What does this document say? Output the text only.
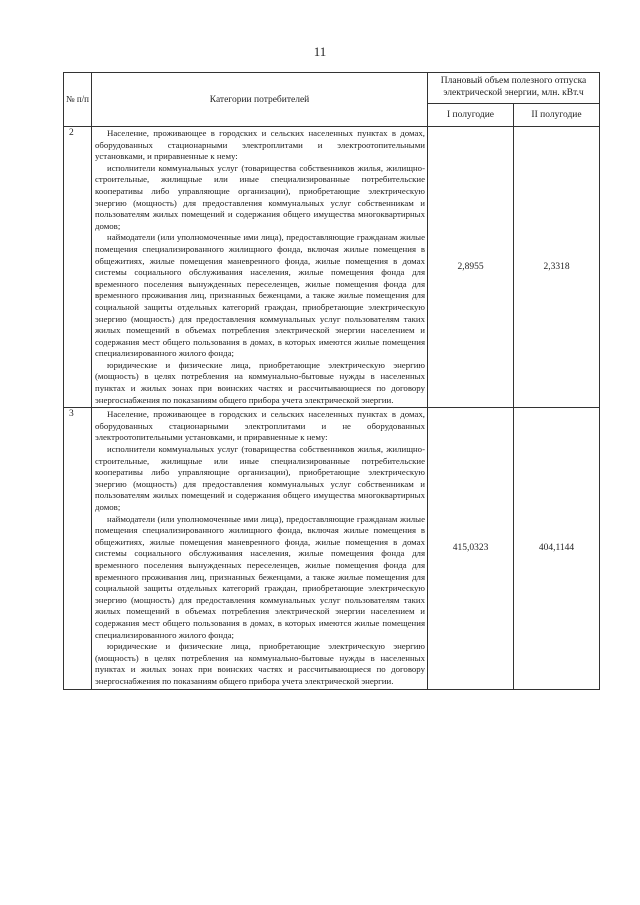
11
№ п/п	Категории потребителей	Плановый объем полезного отпуска электрической энергии, млн. кВт.ч	
		I полугодие	II полугодие
2	Население, проживающее в городских и сельских населенных пунктах в домах, оборудованных стационарными электроплитами и электроотопительными установками, и приравненные к нему:

исполнители коммунальных услуг (товарищества собственников жилья, жилищно-строительные, жилищные или иные специализированные потребительские кооперативы либо управляющие организации), приобретающие электрическую энергию (мощность) для предоставления коммунальных услуг собственникам и пользователям жилых помещений и содержания общего имущества многоквартирных домов;

наймодатели (или уполномоченные ими лица), предоставляющие гражданам жилые помещения специализированного жилищного фонда, включая жилые помещения в общежитиях, жилые помещения маневренного фонда, жилые помещения в домах системы социального обслуживания населения, жилые помещения фонда для временного поселения вынужденных переселенцев, жилые помещения фонда для временного проживания лиц, признанных беженцами, а также жилые помещения для социальной защиты отдельных категорий граждан, приобретающие электрическую энергию (мощность) для предоставления коммунальных услуг пользователям таких жилых помещений в объемах потребления электрической энергии населением и содержания мест общего пользования в домах, в которых имеются жилые помещения специализированного жилого фонда;

юридические и физические лица, приобретающие электрическую энергию (мощность) в целях потребления на коммунально-бытовые нужды в населенных пунктах и жилых зонах при воинских частях и рассчитывающиеся по договору энергоснабжения по показаниям общего прибора учета электрической энергии.	2,8955	2,3318
3	Население, проживающее в городских и сельских населенных пунктах в домах, оборудованных стационарными электроплитами и не оборудованных электроотопительными установками, и приравненные к нему:

исполнители коммунальных услуг (товарищества собственников жилья, жилищно-строительные, жилищные или иные специализированные потребительские кооперативы либо управляющие организации), приобретающие электрическую энергию (мощность) для предоставления коммунальных услуг собственникам и пользователям жилых помещений и содержания общего имущества многоквартирных домов;

наймодатели (или уполномоченные ими лица), предоставляющие гражданам жилые помещения специализированного жилищного фонда, включая жилые помещения в общежитиях, жилые помещения маневренного фонда, жилые помещения в домах системы социального обслуживания населения, жилые помещения фонда для временного поселения вынужденных переселенцев, жилые помещения фонда для временного проживания лиц, признанных беженцами, а также жилые помещения для социальной защиты отдельных категорий граждан, приобретающие электрическую энергию (мощность) для предоставления коммунальных услуг пользователям таких жилых помещений в объемах потребления электрической энергии населением и содержания мест общего пользования в домах, в которых имеются жилые помещения специализированного жилого фонда;

юридические и физические лица, приобретающие электрическую энергию (мощность) в целях потребления на коммунально-бытовые нужды в населенных пунктах и жилых зонах при воинских частях и рассчитывающиеся по договору энергоснабжения по показаниям общего прибора учета электрической энергии.	415,0323	404,1144
